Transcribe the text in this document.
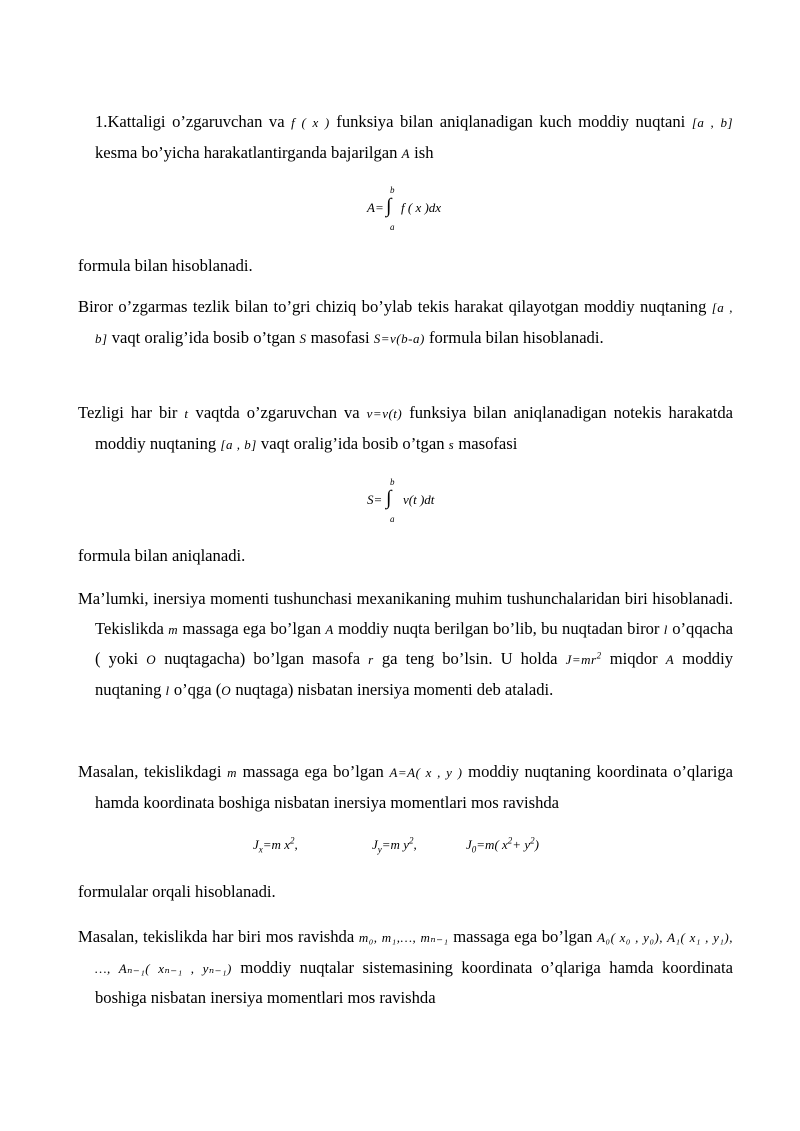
1.Kattaligi o’zgaruvchan va f ( x ) funksiya bilan aniqlanadigan kuch moddiy nuqtani [a , b] kesma bo’yicha harakatlantirganda bajarilgan A ish
A=
b
∫
a
f ( x )dx
formula bilan hisoblanadi.
Biror o’zgarmas tezlik bilan to’gri chiziq bo’ylab tekis harakat qilayotgan moddiy nuqtaning [a , b] vaqt oralig’ida bosib o’tgan S masofasi S=v(b-a) formula bilan hisoblanadi.
Tezligi har bir t vaqtda o’zgaruvchan va v=v(t) funksiya bilan aniqlanadigan notekis harakatda moddiy nuqtaning [a , b] vaqt oralig’ida bosib o’tgan s masofasi
S=
b
∫
a
v(t )dt
formula bilan aniqlanadi.
Ma’lumki, inersiya momenti tushunchasi mexanikaning muhim tushunchalaridan biri hisoblanadi. Tekislikda m massaga ega bo’lgan A moddiy nuqta berilgan bo’lib, bu nuqtadan biror l o’qqacha ( yoki O nuqtagacha) bo’lgan masofa r ga teng bo’lsin. U holda $J=mr^2$ miqdor A moddiy nuqtaning l o’qga (O nuqtaga) nisbatan inersiya momenti deb ataladi.
Masalan, tekislikdagi m massaga ega bo’lgan A=A( x , y ) moddiy nuqtaning koordinata o’qlariga hamda koordinata boshiga nisbatan inersiya momentlari mos ravishda
$J_x=m$ $x^2$,	$J_y=m$ $y^2$,	$J_0=m$( $x^2+ y^2$)
formulalar orqali hisoblanadi.
Masalan, tekislikda har biri mos ravishda m₀, m₁,…, mₙ₋₁ massaga ega bo’lgan A₀( x₀ , y₀), A₁( x₁ , y₁), …, Aₙ₋₁( xₙ₋₁ , yₙ₋₁) moddiy nuqtalar sistemasining koordinata o’qlariga hamda koordinata boshiga nisbatan inersiya momentlari mos ravishda
